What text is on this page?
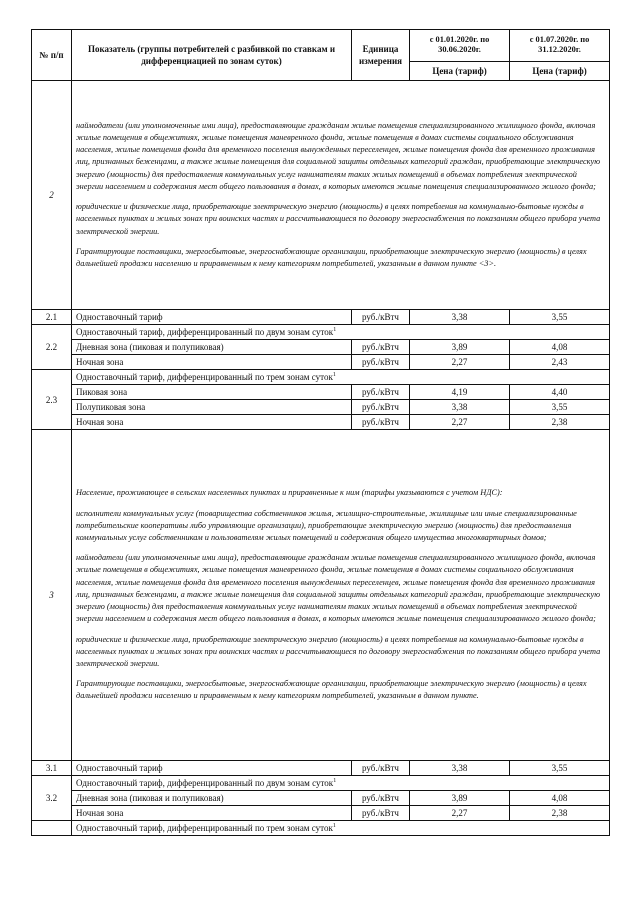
№ п/п	Показатель (группы потребителей с разбивкой по ставкам и дифференциацией по зонам суток)	Единица измерения	с 01.01.2020г. по 30.06.2020г.	с 01.07.2020г. по 31.12.2020г.
			Цена (тариф)	Цена (тариф)
2	наймодатели (или уполномоченные ими лица), предоставляющие гражданам жилые помещения специализированного жилищного фонда, включая жилые помещения в общежитиях, жилые помещения маневренного фонда, жилые помещения в домах системы социального обслуживания населения, жилые помещения фонда для временного поселения вынужденных переселенцев, жилые помещения фонда для временного проживания лиц, признанных беженцами, а также жилые помещения для социальной защиты отдельных категорий граждан, приобретающие электрическую энергию (мощность) для предоставления коммунальных услуг нанимателям таких жилых помещений в объемах потребления электрической энергии населением и содержания мест общего пользования в домах, в которых имеются жилые помещения специализированного жилого фонда;

юридические и физические лица, приобретающие электрическую энергию (мощность) в целях потребления на коммунально-бытовые нужды в населенных пунктах и жилых зонах при воинских частях и рассчитывающиеся по договору энергоснабжения по показаниям общего прибора учета электрической энергии.

Гарантирующие поставщики, энергосбытовые, энергоснабжающие организации, приобретающие электрическую энергию (мощность) в целях дальнейшей продажи населению и приравненным к нему категориям потребителей, указанным в данном пункте <3>.			

2.1	Одноставочный тариф	руб./кВтч	3,38	3,55
2.2	Одноставочный тариф, дифференцированный по двум зонам суток$^1$
	Дневная зона (пиковая и полупиковая)	руб./кВтч	3,89	4,08
	Ночная зона	руб./кВтч	2,27	2,43
2.3	Одноставочный тариф, дифференцированный по трем зонам суток$^1$
	Пиковая зона	руб./кВтч	4,19	4,40
	Полупиковая зона	руб./кВтч	3,38	3,55
	Ночная зона	руб./кВтч	2,27	2,38
3	Население, проживающее в сельских населенных пунктах и приравненные к ним (тарифы указываются с учетом НДС):

исполнители коммунальных услуг (товарищества собственников жилья, жилищно-строительные, жилищные или иные специализированные потребительские кооперативы либо управляющие организации), приобретающие электрическую энергию (мощность) для предоставления коммунальных услуг собственникам и пользователям жилых помещений и содержания общего имущества многоквартирных домов;

наймодатели (или уполномоченные ими лица), предоставляющие гражданам жилые помещения специализированного жилищного фонда, включая жилые помещения в общежитиях, жилые помещения маневренного фонда, жилые помещения в домах системы социального обслуживания населения, жилые помещения фонда для временного поселения вынужденных переселенцев, жилые помещения фонда для временного проживания лиц, признанных беженцами, а также жилые помещения для социальной защиты отдельных категорий граждан, приобретающие электрическую энергию (мощность) для предоставления коммунальных услуг нанимателям таких жилых помещений в объемах потребления электрической энергии населением и содержания мест общего пользования в домах, в которых имеются жилые помещения специализированного жилого фонда;

юридические и физические лица, приобретающие электрическую энергию (мощность) в целях потребления на коммунально-бытовые нужды в населенных пунктах и жилых зонах при воинских частях и рассчитывающиеся по договору энергоснабжения по показаниям общего прибора учета электрической энергии.

Гарантирующие поставщики, энергосбытовые, энергоснабжающие организации, приобретающие электрическую энергию (мощность) в целях дальнейшей продажи населению и приравненным к нему категориям потребителей, указанным в данном пункте.			

3.1	Одноставочный тариф	руб./кВтч	3,38	3,55
3.2	Одноставочный тариф, дифференцированный по двум зонам суток$^1$
	Дневная зона (пиковая и полупиковая)	руб./кВтч	3,89	4,08
	Ночная зона	руб./кВтч	2,27	2,38
	Одноставочный тариф, дифференцированный по трем зонам суток$^1$
